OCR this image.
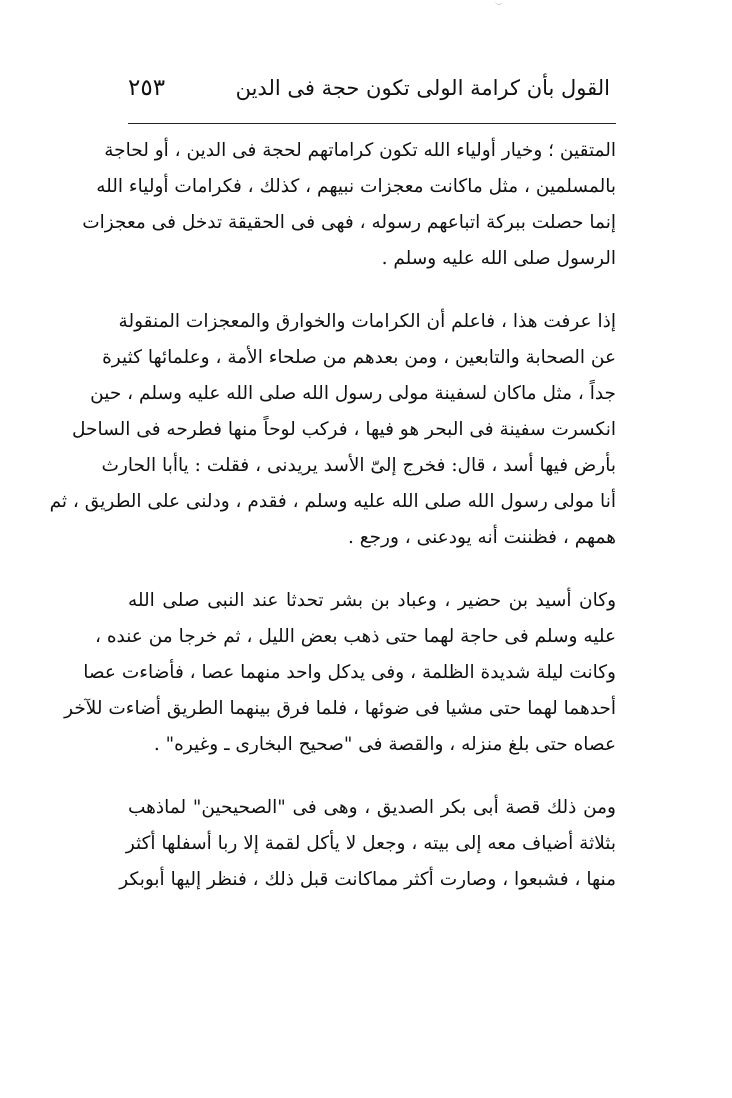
القول بأن كرامة الولى تكون حجة فى الدين
٢٥٣
المتقين ؛ وخيار أولياء الله تكون كراماتهم لحجة فى الدين ، أو لحاجة
بالمسلمين ، مثل ماكانت معجزات نبيهم ، كذلك ، فكرامات أولياء الله
إنما حصلت ببركة اتباعهم رسوله ، فهى فى الحقيقة تدخل فى معجزات
الرسول صلى الله عليه وسلم .
إذا عرفت هذا ، فاعلم أن الكرامات والخوارق والمعجزات المنقولة
عن الصحابة والتابعين ، ومن بعدهم من صلحاء الأمة ، وعلمائها كثيرة
جداً ، مثل ماكان لسفينة مولى رسول الله صلى الله عليه وسلم ، حين
انكسرت سفينة فى البحر هو فيها ، فركب لوحاً منها فطرحه فى الساحل
بأرض فيها أسد ، قال: فخرج إلىّ الأسد يريدنى ، فقلت : ياأبا الحارث
أنا مولى رسول الله صلى الله عليه وسلم ، فقدم ، ودلنى على الطريق ، ثم
همهم ، فظننت أنه يودعنى ، ورجع .
وكان أسيد بن حضير ، وعباد بن بشر تحدثا عند النبى صلى الله
عليه وسلم فى حاجة لهما حتى ذهب بعض الليل ، ثم خرجا من عنده ،
وكانت ليلة شديدة الظلمة ، وفى يدكل واحد منهما عصا ، فأضاءت عصا
أحدهما لهما حتى مشيا فى ضوئها ، فلما فرق بينهما الطريق أضاءت للآخر
عصاه حتى بلغ منزله ، والقصة فى "صحيح البخارى ـ وغيره" .
ومن ذلك قصة أبى بكر الصديق ، وهى فى "الصحيحين" لماذهب
بثلاثة أضياف معه إلى بيته ، وجعل لا يأكل لقمة إلا ربا أسفلها أكثر
منها ، فشبعوا ، وصارت أكثر مماكانت قبل ذلك ، فنظر إليها أبوبكر
